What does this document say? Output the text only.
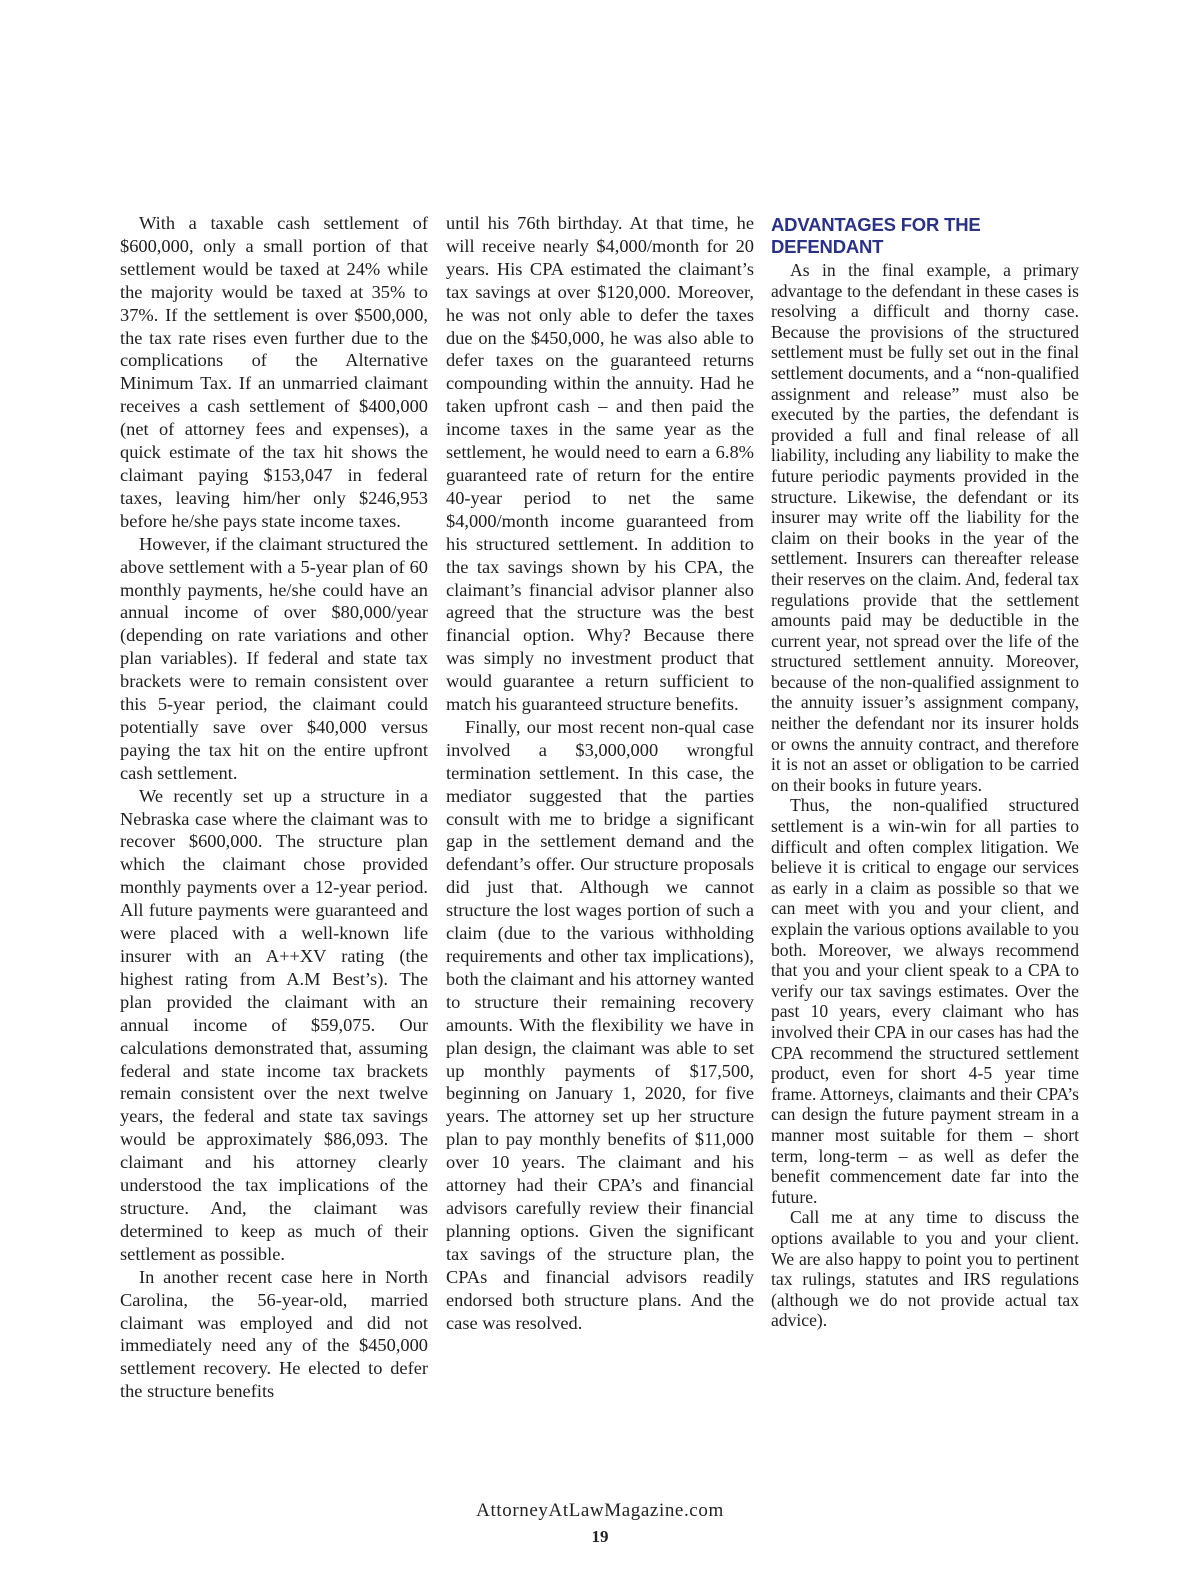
With a taxable cash settlement of $600,000, only a small portion of that settlement would be taxed at 24% while the majority would be taxed at 35% to 37%. If the settlement is over $500,000, the tax rate rises even further due to the complications of the Alternative Minimum Tax. If an unmarried claimant receives a cash settlement of $400,000 (net of attorney fees and expenses), a quick estimate of the tax hit shows the claimant paying $153,047 in federal taxes, leaving him/her only $246,953 before he/she pays state income taxes.

However, if the claimant structured the above settlement with a 5-year plan of 60 monthly payments, he/she could have an annual income of over $80,000/year (depending on rate variations and other plan variables). If federal and state tax brackets were to remain consistent over this 5-year period, the claimant could potentially save over $40,000 versus paying the tax hit on the entire upfront cash settlement.

We recently set up a structure in a Nebraska case where the claimant was to recover $600,000. The structure plan which the claimant chose provided monthly payments over a 12-year period. All future payments were guaranteed and were placed with a well-known life insurer with an A++XV rating (the highest rating from A.M Best’s). The plan provided the claimant with an annual income of $59,075. Our calculations demonstrated that, assuming federal and state income tax brackets remain consistent over the next twelve years, the federal and state tax savings would be approximately $86,093. The claimant and his attorney clearly understood the tax implications of the structure. And, the claimant was determined to keep as much of their settlement as possible.

In another recent case here in North Carolina, the 56-year-old, married claimant was employed and did not immediately need any of the $450,000 settlement recovery. He elected to defer the structure benefits

until his 76th birthday. At that time, he will receive nearly $4,000/month for 20 years. His CPA estimated the claimant’s tax savings at over $120,000. Moreover, he was not only able to defer the taxes due on the $450,000, he was also able to defer taxes on the guaranteed returns compounding within the annuity. Had he taken upfront cash – and then paid the income taxes in the same year as the settlement, he would need to earn a 6.8% guaranteed rate of return for the entire 40-year period to net the same $4,000/month income guaranteed from his structured settlement. In addition to the tax savings shown by his CPA, the claimant’s financial advisor planner also agreed that the structure was the best financial option. Why? Because there was simply no investment product that would guarantee a return sufficient to match his guaranteed structure benefits.

Finally, our most recent non-qual case involved a $3,000,000 wrongful termination settlement. In this case, the mediator suggested that the parties consult with me to bridge a significant gap in the settlement demand and the defendant’s offer. Our structure proposals did just that. Although we cannot structure the lost wages portion of such a claim (due to the various withholding requirements and other tax implications), both the claimant and his attorney wanted to structure their remaining recovery amounts. With the flexibility we have in plan design, the claimant was able to set up monthly payments of $17,500, beginning on January 1, 2020, for five years. The attorney set up her structure plan to pay monthly benefits of $11,000 over 10 years. The claimant and his attorney had their CPA’s and financial advisors carefully review their financial planning options. Given the significant tax savings of the structure plan, the CPAs and financial advisors readily endorsed both structure plans. And the case was resolved.

ADVANTAGES FOR THE DEFENDANT

As in the final example, a primary advantage to the defendant in these cases is resolving a difficult and thorny case. Because the provisions of the structured settlement must be fully set out in the final settlement documents, and a “non-qualified assignment and release” must also be executed by the parties, the defendant is provided a full and final release of all liability, including any liability to make the future periodic payments provided in the structure. Likewise, the defendant or its insurer may write off the liability for the claim on their books in the year of the settlement. Insurers can thereafter release their reserves on the claim. And, federal tax regulations provide that the settlement amounts paid may be deductible in the current year, not spread over the life of the structured settlement annuity. Moreover, because of the non-qualified assignment to the annuity issuer’s assignment company, neither the defendant nor its insurer holds or owns the annuity contract, and therefore it is not an asset or obligation to be carried on their books in future years.

Thus, the non-qualified structured settlement is a win-win for all parties to difficult and often complex litigation. We believe it is critical to engage our services as early in a claim as possible so that we can meet with you and your client, and explain the various options available to you both. Moreover, we always recommend that you and your client speak to a CPA to verify our tax savings estimates. Over the past 10 years, every claimant who has involved their CPA in our cases has had the CPA recommend the structured settlement product, even for short 4-5 year time frame. Attorneys, claimants and their CPA’s can design the future payment stream in a manner most suitable for them – short term, long-term – as well as defer the benefit commencement date far into the future.

Call me at any time to discuss the options available to you and your client. We are also happy to point you to pertinent tax rulings, statutes and IRS regulations (although we do not provide actual tax advice).

AttorneyAtLawMagazine.com
19
